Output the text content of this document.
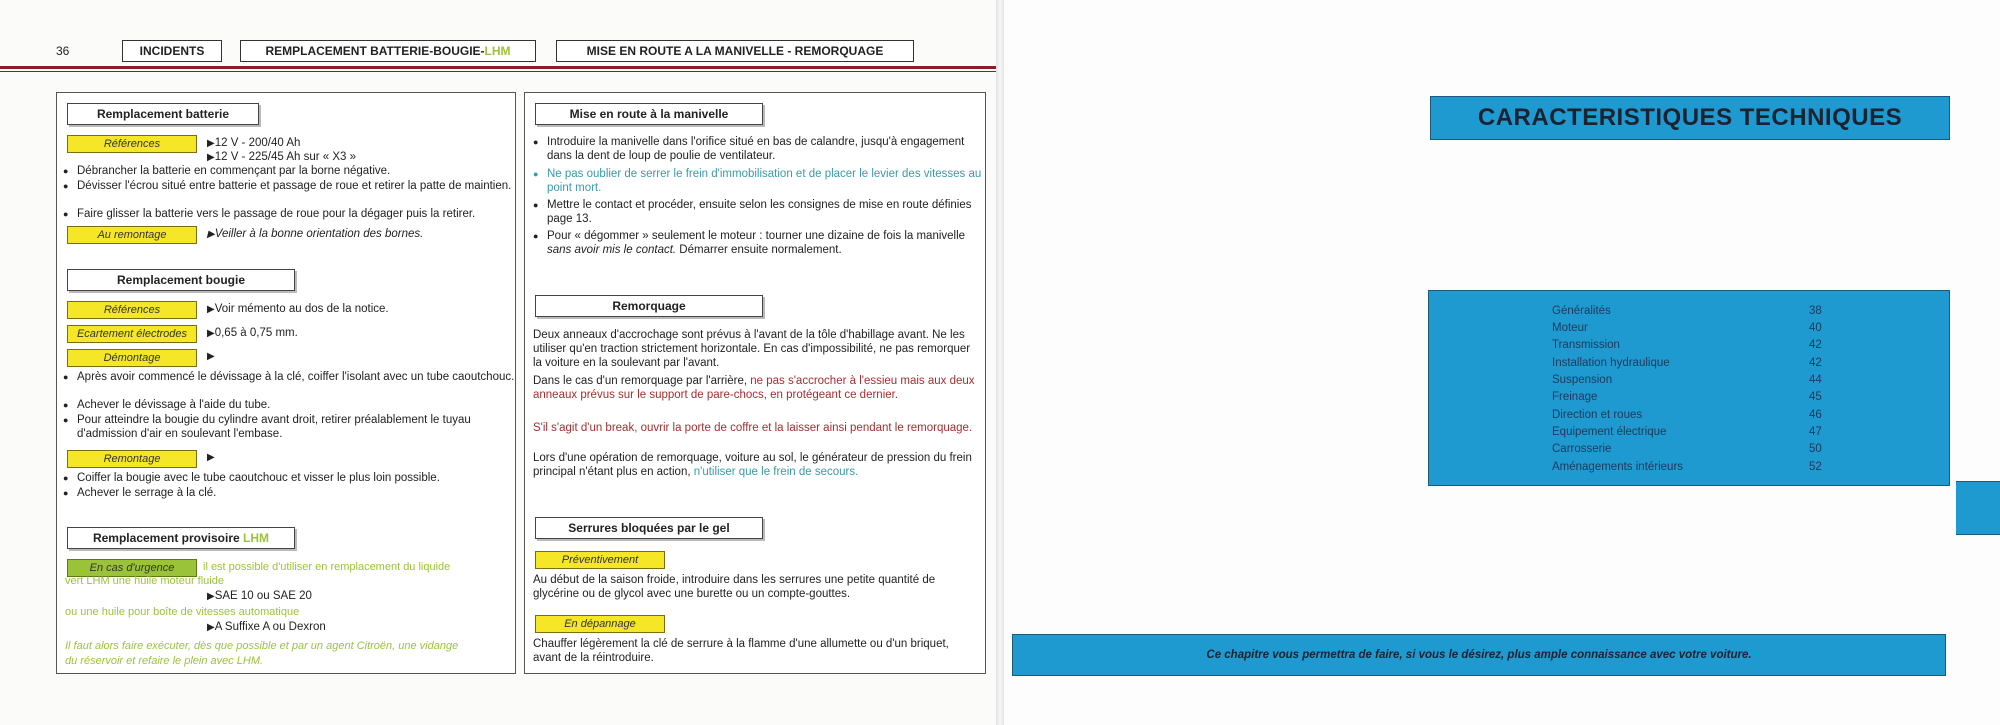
36	INCIDENTS	REMPLACEMENT BATTERIE-BOUGIE-LHM	MISE EN ROUTE A LA MANIVELLE - REMORQUAGE
Remplacement batterie
Références	▶ 12 V - 200/40 Ah
▶ 12 V - 225/45 Ah sur « X3 »
● Débrancher la batterie en commençant par la borne négative.
● Dévisser l'écrou situé entre batterie et passage de roue et retirer la patte de maintien.
● Faire glisser la batterie vers le passage de roue pour la dégager puis la retirer.
Au remontage	▶ Veiller à la bonne orientation des bornes.
Remplacement bougie
Références	▶ Voir mémento au dos de la notice.
Ecartement électrodes	▶ 0,65 à 0,75 mm.
Démontage	▶
● Après avoir commencé le dévissage à la clé, coiffer l'isolant avec un tube caoutchouc.
● Achever le dévissage à l'aide du tube.
● Pour atteindre la bougie du cylindre avant droit, retirer préalablement le tuyau d'admission d'air en soulevant l'embase.
Remontage	▶
● Coiffer la bougie avec le tube caoutchouc et visser le plus loin possible.
● Achever le serrage à la clé.
Remplacement provisoire LHM
En cas d'urgence	il est possible d'utiliser en remplacement du liquide
vert LHM une huile moteur fluide
▶ SAE 10 ou SAE 20
ou une huile pour boîte de vitesses automatique
▶ A Suffixe A ou Dexron
Il faut alors faire exécuter, dès que possible et par un agent Citroën, une vidange
du réservoir et refaire le plein avec LHM.
Mise en route à la manivelle
● Introduire la manivelle dans l'orifice situé en bas de calandre, jusqu'à engagement dans la dent de loup de poulie de ventilateur.
● Ne pas oublier de serrer le frein d'immobilisation et de placer le levier des vitesses au point mort.
● Mettre le contact et procéder, ensuite selon les consignes de mise en route définies page 13.
● Pour « dégommer » seulement le moteur : tourner une dizaine de fois la manivelle sans avoir mis le contact. Démarrer ensuite normalement.
Remorquage
Deux anneaux d'accrochage sont prévus à l'avant de la tôle d'habillage avant. Ne les utiliser qu'en traction strictement horizontale. En cas d'impossibilité, ne pas remorquer la voiture en la soulevant par l'avant.
Dans le cas d'un remorquage par l'arrière, ne pas s'accrocher à l'essieu mais aux deux anneaux prévus sur le support de pare-chocs, en protégeant ce dernier.
S'il s'agit d'un break, ouvrir la porte de coffre et la laisser ainsi pendant le remorquage.
Lors d'une opération de remorquage, voiture au sol, le générateur de pression du frein principal n'étant plus en action, n'utiliser que le frein de secours.
Serrures bloquées par le gel
Préventivement
Au début de la saison froide, introduire dans les serrures une petite quantité de glycérine ou de glycol avec une burette ou un compte-gouttes.
En dépannage
Chauffer légèrement la clé de serrure à la flamme d'une allumette ou d'un briquet, avant de la réintroduire.
CARACTERISTIQUES TECHNIQUES
Généralités	38
Moteur	40
Transmission	42
Installation hydraulique	42
Suspension	44
Freinage	45
Direction et roues	46
Equipement électrique	47
Carrosserie	50
Aménagements intérieurs	52
Ce chapitre vous permettra de faire, si vous le désirez, plus ample connaissance avec votre voiture.
